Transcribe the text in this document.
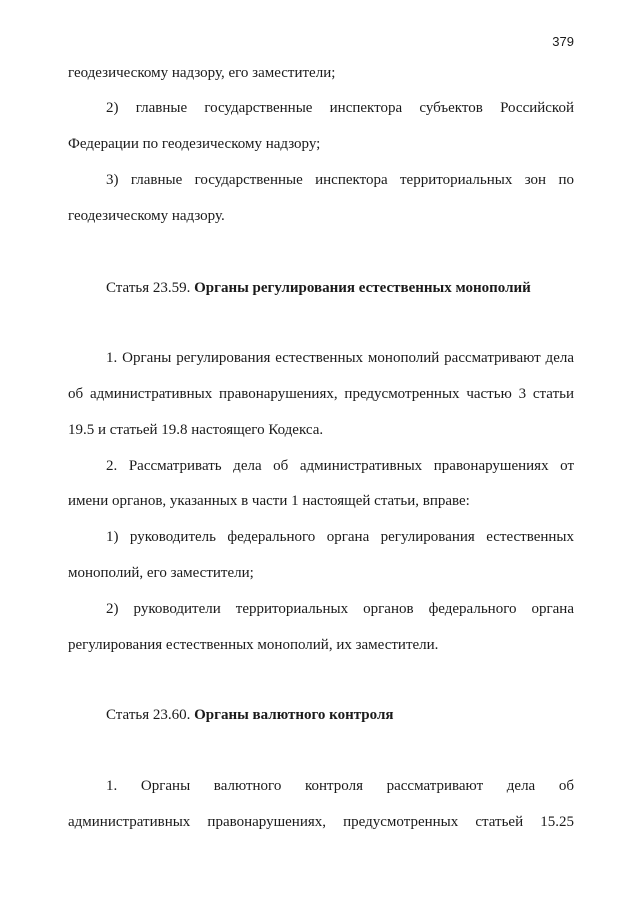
379
геодезическому надзору, его заместители;
2) главные государственные инспектора субъектов Российской
Федерации по геодезическому надзору;
3) главные государственные инспектора территориальных зон по
геодезическому надзору.
Статья 23.59. Органы регулирования естественных монополий
1. Органы регулирования естественных монополий рассматривают дела
об административных правонарушениях, предусмотренных частью 3 статьи
19.5 и статьей 19.8 настоящего Кодекса.
2. Рассматривать дела об административных правонарушениях от
имени органов, указанных в части 1 настоящей статьи, вправе:
1) руководитель федерального органа регулирования естественных
монополий, его заместители;
2) руководители территориальных органов федерального органа
регулирования естественных монополий, их заместители.
Статья 23.60. Органы валютного контроля
1. Органы валютного контроля рассматривают дела об
административных правонарушениях, предусмотренных статьей 15.25
